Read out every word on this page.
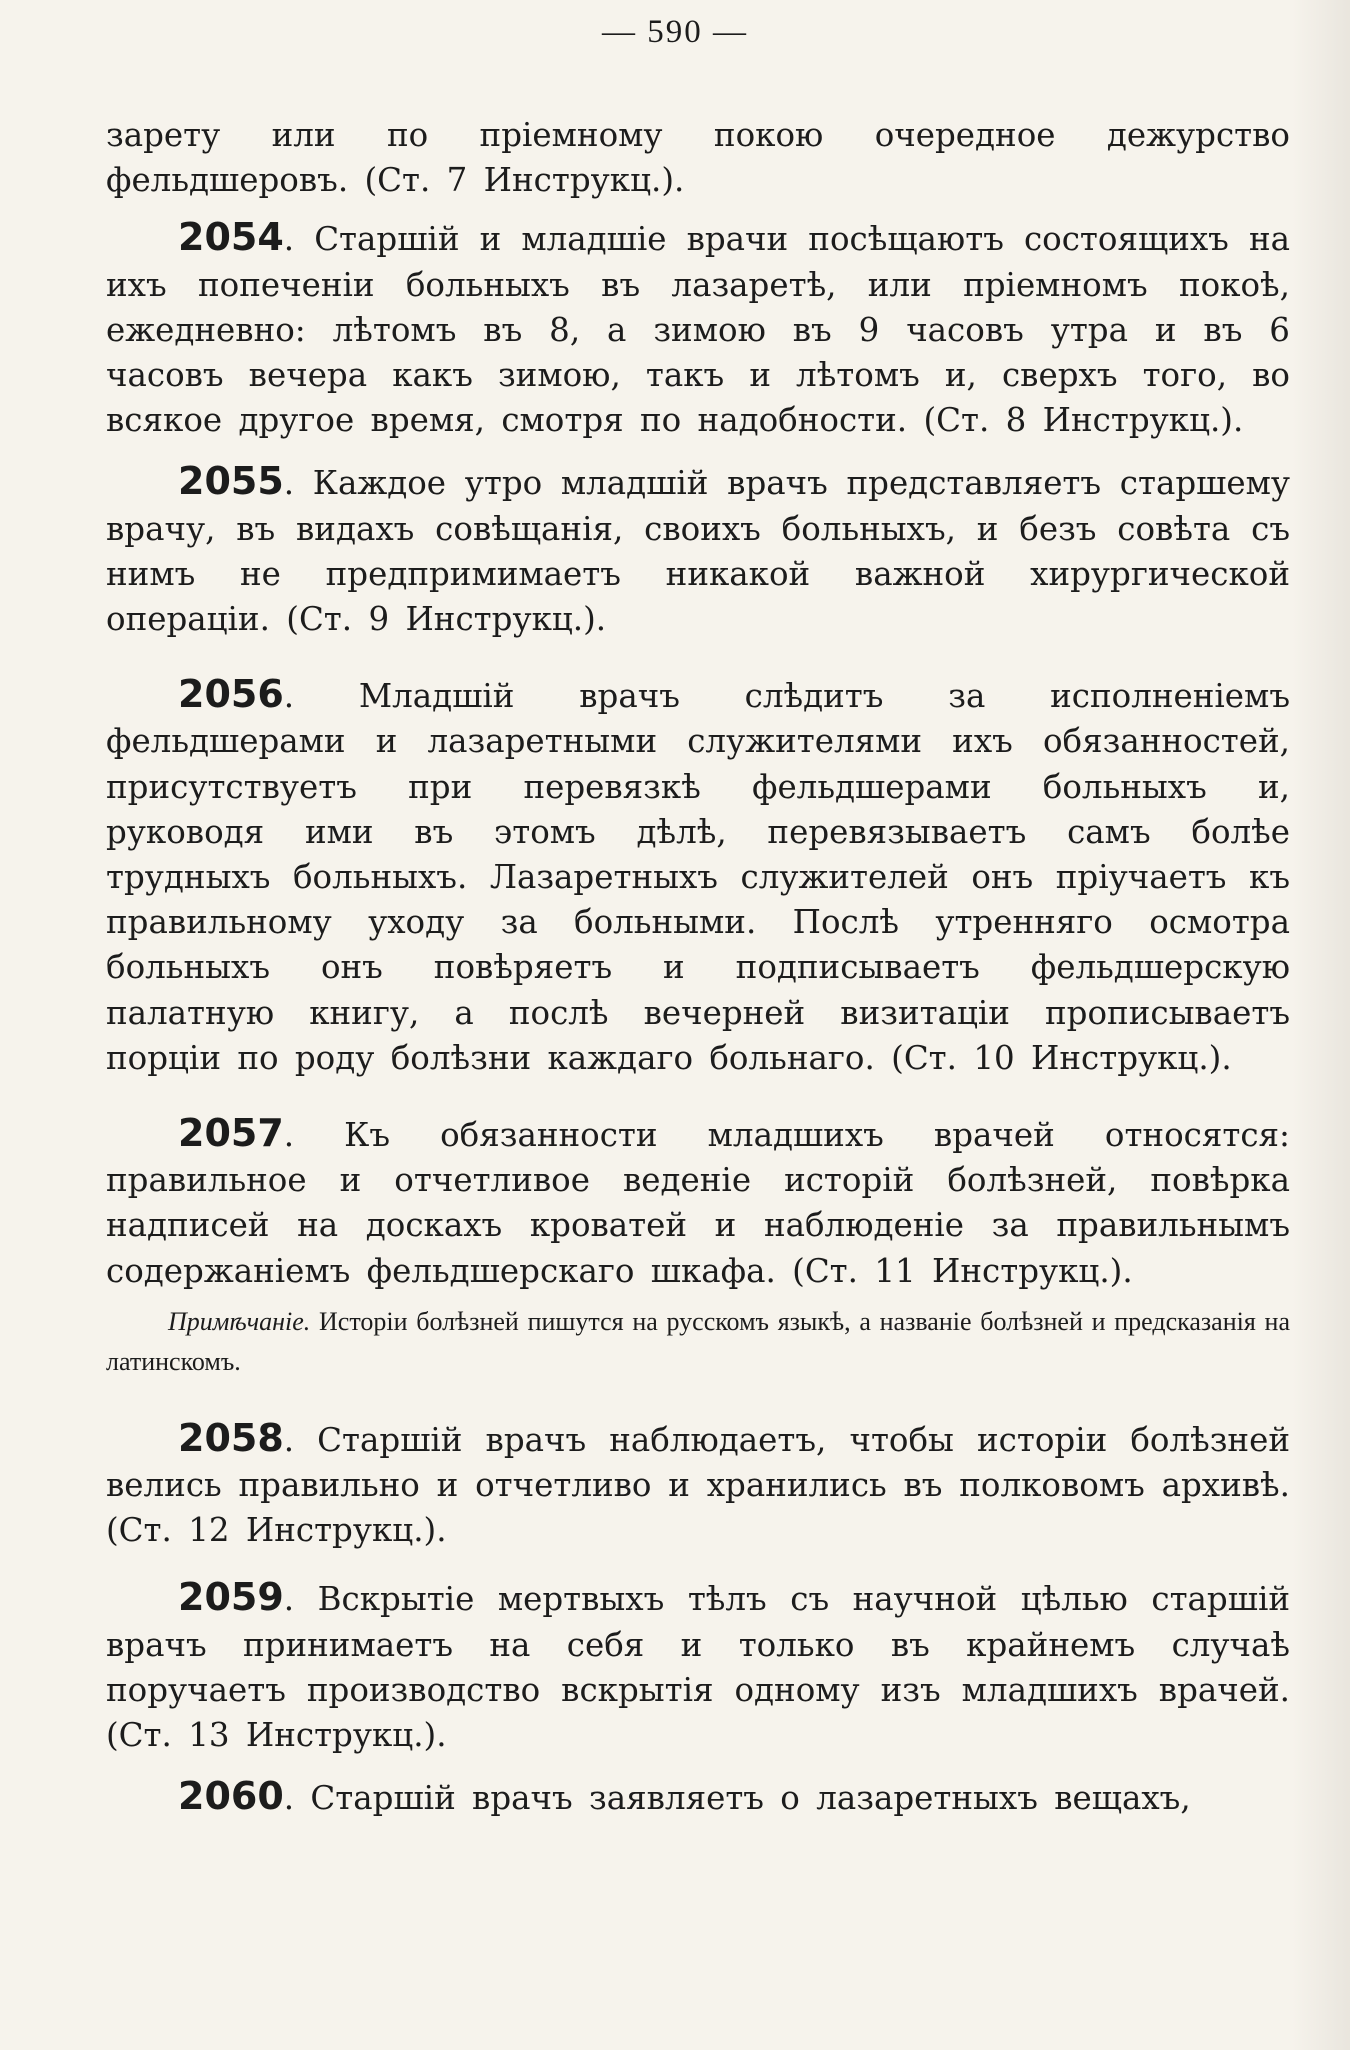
— 590 —

зарету или по пріемному покою очередное дежурство фельдшеровъ. (Ст. 7 Инструкц.).

2054. Старшій и младшіе врачи посѣщаютъ состоящихъ на ихъ попеченіи больныхъ въ лазаретѣ, или пріемномъ покоѣ, ежедневно: лѣтомъ въ 8, а зимою въ 9 часовъ утра и въ 6 часовъ вечера какъ зимою, такъ и лѣтомъ и, сверхъ того, во всякое другое время, смотря по надобности. (Ст. 8 Инструкц.).

2055. Каждое утро младшій врачъ представляетъ старшему врачу, въ видахъ совѣщанія, своихъ больныхъ, и безъ совѣта съ нимъ не предпримимаетъ никакой важной хирургической операціи. (Ст. 9 Инструкц.).

2056. Младшій врачъ слѣдитъ за исполненіемъ фельдшерами и лазаретными служителями ихъ обязанностей, присутствуетъ при перевязкѣ фельдшерами больныхъ и, руководя ими въ этомъ дѣлѣ, перевязываетъ самъ болѣе трудныхъ больныхъ. Лазаретныхъ служителей онъ пріучаетъ къ правильному уходу за больными. Послѣ утренняго осмотра больныхъ онъ повѣряетъ и подписываетъ фельдшерскую палатную книгу, а послѣ вечерней визитаціи прописываетъ порціи по роду болѣзни каждаго больнаго. (Ст. 10 Инструкц.).

2057. Къ обязанности младшихъ врачей относятся: правильное и отчетливое веденіе исторій болѣзней, повѣрка надписей на доскахъ кроватей и наблюденіе за правильнымъ содержаніемъ фельдшерскаго шкафа. (Ст. 11 Инструкц.).

Примѣчаніе. Исторіи болѣзней пишутся на русскомъ языкѣ, а названіе болѣзней и предсказанія на латинскомъ.

2058. Старшій врачъ наблюдаетъ, чтобы исторіи болѣзней велись правильно и отчетливо и хранились въ полковомъ архивѣ. (Ст. 12 Инструкц.).

2059. Вскрытіе мертвыхъ тѣлъ съ научной цѣлью старшій врачъ принимаетъ на себя и только въ крайнемъ случаѣ поручаетъ производство вскрытія одному изъ младшихъ врачей. (Ст. 13 Инструкц.).

2060. Старшій врачъ заявляетъ о лазаретныхъ вещахъ,
